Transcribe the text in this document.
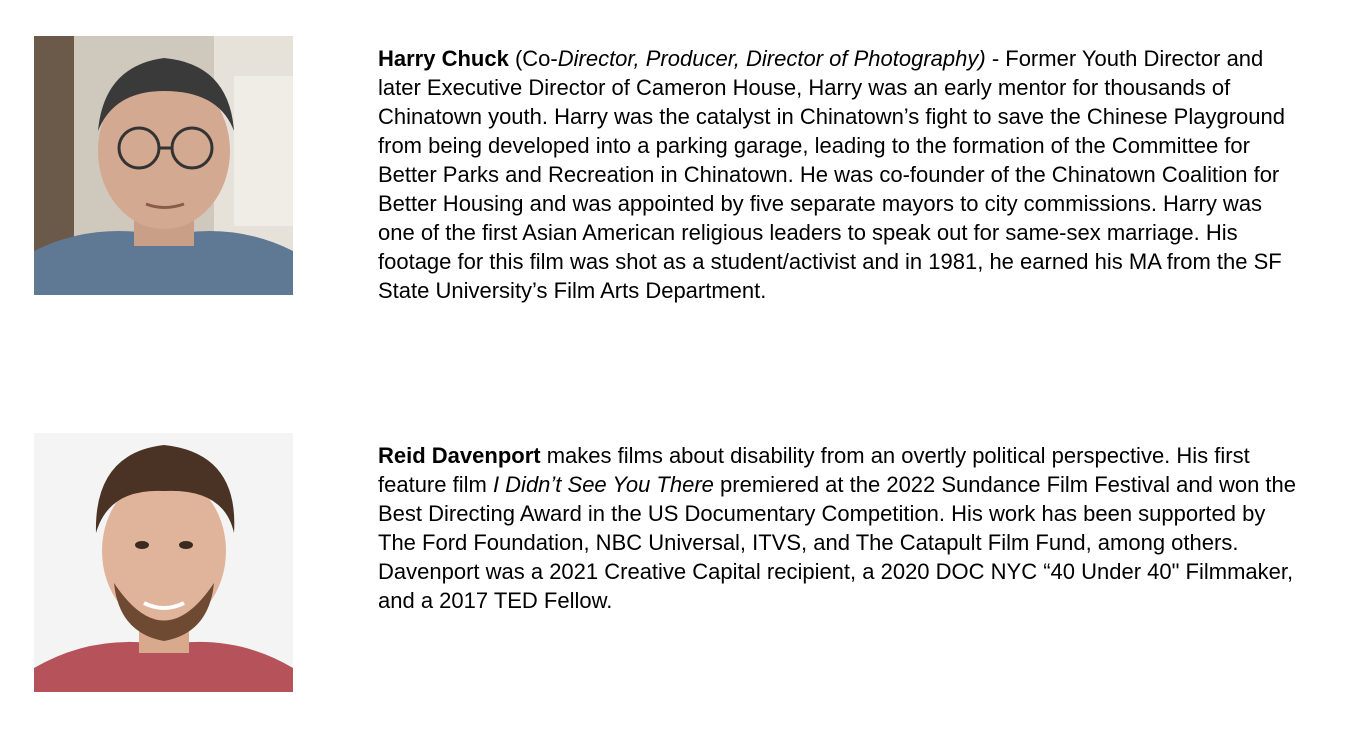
Harry Chuck (Co-Director, Producer, Director of Photography) - Former Youth Director and later Executive Director of Cameron House, Harry was an early mentor for thousands of Chinatown youth. Harry was the catalyst in Chinatown’s fight to save the Chinese Playground from being developed into a parking garage, leading to the formation of the Committee for Better Parks and Recreation in Chinatown. He was co-founder of the Chinatown Coalition for Better Housing and was appointed by five separate mayors to city commissions. Harry was one of the first Asian American religious leaders to speak out for same-sex marriage. His footage for this film was shot as a student/activist and in 1981, he earned his MA from the SF State University’s Film Arts Department.
Reid Davenport makes films about disability from an overtly political perspective. His first feature film I Didn’t See You There premiered at the 2022 Sundance Film Festival and won the Best Directing Award in the US Documentary Competition. His work has been supported by The Ford Foundation, NBC Universal, ITVS, and The Catapult Film Fund, among others. Davenport was a 2021 Creative Capital recipient, a 2020 DOC NYC “40 Under 40" Filmmaker, and a 2017 TED Fellow.
